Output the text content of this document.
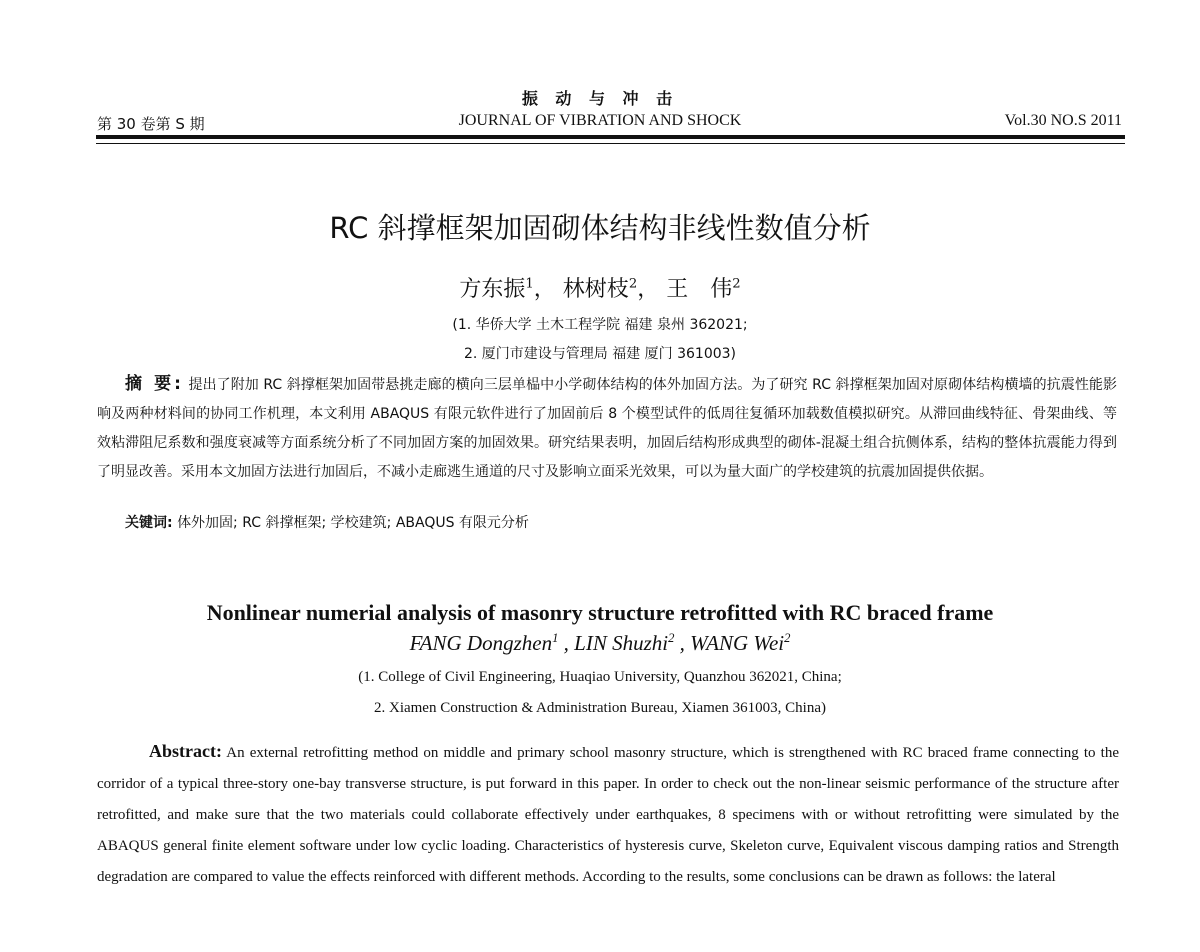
振 动 与 冲 击
第 30 卷第 S 期	JOURNAL OF VIBRATION AND SHOCK	Vol.30 NO.S 2011
RC 斜撑框架加固砌体结构非线性数值分析
方东振$^1$， 林树枝$^2$， 王　伟$^2$
(1. 华侨大学 土木工程学院 福建 泉州 362021;
2. 厦门市建设与管理局 福建 厦门 361003)
摘 要: 提出了附加 RC 斜撑框架加固带悬挑走廊的横向三层单榀中小学砌体结构的体外加固方法。为了研究 RC 斜撑框架加固对原砌体结构横墙的抗震性能影响及两种材料间的协同工作机理，本文利用 ABAQUS 有限元软件进行了加固前后 8 个模型试件的低周往复循环加载数值模拟研究。从滞回曲线特征、骨架曲线、等效粘滞阻尼系数和强度衰减等方面系统分析了不同加固方案的加固效果。研究结果表明，加固后结构形成典型的砌体-混凝土组合抗侧体系，结构的整体抗震能力得到了明显改善。采用本文加固方法进行加固后，不减小走廊逃生通道的尺寸及影响立面采光效果，可以为量大面广的学校建筑的抗震加固提供依据。
关键词: 体外加固; RC 斜撑框架; 学校建筑; ABAQUS 有限元分析
Nonlinear numerial analysis of masonry structure retrofitted with RC braced frame
FANG Dongzhen$^1$ , LIN Shuzhi$^2$ , WANG Wei$^2$
(1. College of Civil Engineering, Huaqiao University, Quanzhou 362021, China;
2. Xiamen Construction & Administration Bureau, Xiamen 361003, China)
Abstract: An external retrofitting method on middle and primary school masonry structure, which is strengthened with RC braced frame connecting to the corridor of a typical three-story one-bay transverse structure, is put forward in this paper. In order to check out the non-linear seismic performance of the structure after retrofitted, and make sure that the two materials could collaborate effectively under earthquakes, 8 specimens with or without retrofitting were simulated by the ABAQUS general finite element software under low cyclic loading. Characteristics of hysteresis curve, Skeleton curve, Equivalent viscous damping ratios and Strength degradation are compared to value the effects reinforced with different methods. According to the results, some conclusions can be drawn as follows: the lateral
